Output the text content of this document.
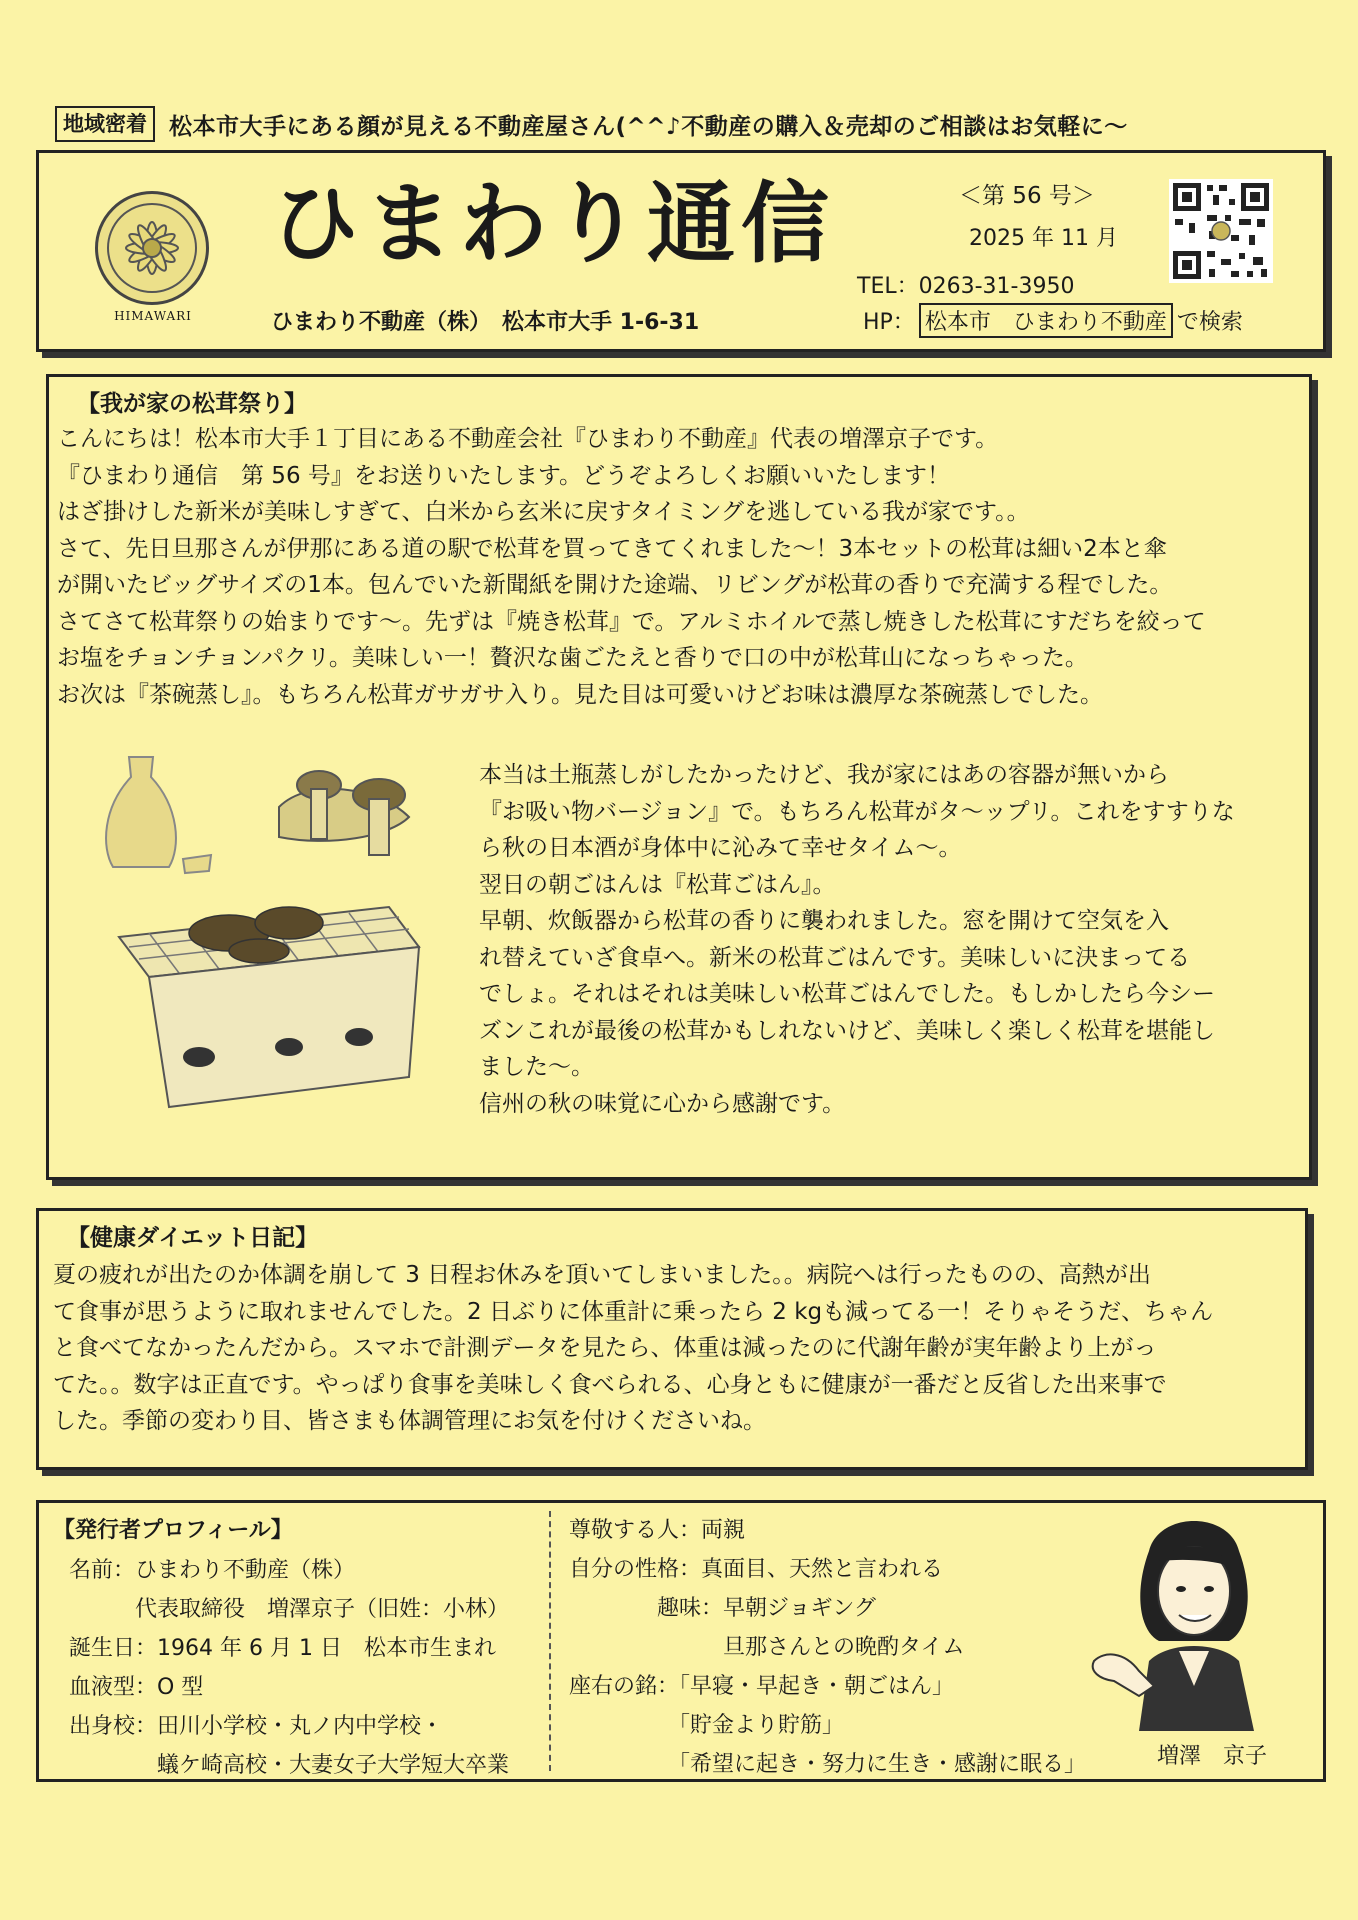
地域密着 松本市大手にある顔が見える不動産屋さん(^^♪不動産の購入＆売却のご相談はお気軽に～
HIMAWARI
ひまわり通信
ひまわり不動産（株）　松本市大手 1-6-31
＜第 56 号＞
2025 年 11 月
TEL：0263-31-3950
HP： 松本市　ひまわり不動産 で検索
【我が家の松茸祭り】

こんにちは！松本市大手１丁目にある不動産会社『ひまわり不動産』代表の増澤京子です。

『ひまわり通信　第 56 号』をお送りいたします。どうぞよろしくお願いいたします！

はざ掛けした新米が美味しすぎて、白米から玄米に戻すタイミングを逃している我が家です。。

さて、先日旦那さんが伊那にある道の駅で松茸を買ってきてくれました～！3本セットの松茸は細い2本と傘

が開いたビッグサイズの1本。包んでいた新聞紙を開けた途端、リビングが松茸の香りで充満する程でした。

さてさて松茸祭りの始まりです～。先ずは『焼き松茸』で。アルミホイルで蒸し焼きした松茸にすだちを絞って

お塩をチョンチョンパクリ。美味しい一！贅沢な歯ごたえと香りで口の中が松茸山になっちゃった。

お次は『茶碗蒸し』。もちろん松茸ガサガサ入り。見た目は可愛いけどお味は濃厚な茶碗蒸しでした。

本当は土瓶蒸しがしたかったけど、我が家にはあの容器が無いから

『お吸い物バージョン』で。もちろん松茸がタ～ップリ。これをすすりな

ら秋の日本酒が身体中に沁みて幸せタイム～。

翌日の朝ごはんは『松茸ごはん』。

早朝、炊飯器から松茸の香りに襲われました。窓を開けて空気を入

れ替えていざ食卓へ。新米の松茸ごはんです。美味しいに決まってる

でしょ。それはそれは美味しい松茸ごはんでした。もしかしたら今シー

ズンこれが最後の松茸かもしれないけど、美味しく楽しく松茸を堪能し

ました～。

信州の秋の味覚に心から感謝です。

【健康ダイエット日記】

夏の疲れが出たのか体調を崩して 3 日程お休みを頂いてしまいました。。病院へは行ったものの、高熱が出

て食事が思うように取れませんでした。2 日ぶりに体重計に乗ったら 2 kgも減ってる一！そりゃそうだ、ちゃん

と食べてなかったんだから。スマホで計測データを見たら、体重は減ったのに代謝年齢が実年齢より上がっ

てた。。数字は正直です。やっぱり食事を美味しく食べられる、心身ともに健康が一番だと反省した出来事で

した。季節の変わり目、皆さまも体調管理にお気を付けくださいね。

【発行者プロフィール】
名前：ひまわり不動産（株）
　　　代表取締役　増澤京子（旧姓：小林）
誕生日：1964 年 6 月 1 日　松本市生まれ
血液型：O 型
出身校：田川小学校・丸ノ内中学校・
　　　　蟻ケ崎高校・大妻女子大学短大卒業
尊敬する人：両親
自分の性格：真面目、天然と言われる
　　　　趣味：早朝ジョギング
　　　　　　　旦那さんとの晩酌タイム
座右の銘：「早寝・早起き・朝ごはん」
　　　　　「貯金より貯筋」
　　　　　「希望に起き・努力に生き・感謝に眠る」	増澤　京子
